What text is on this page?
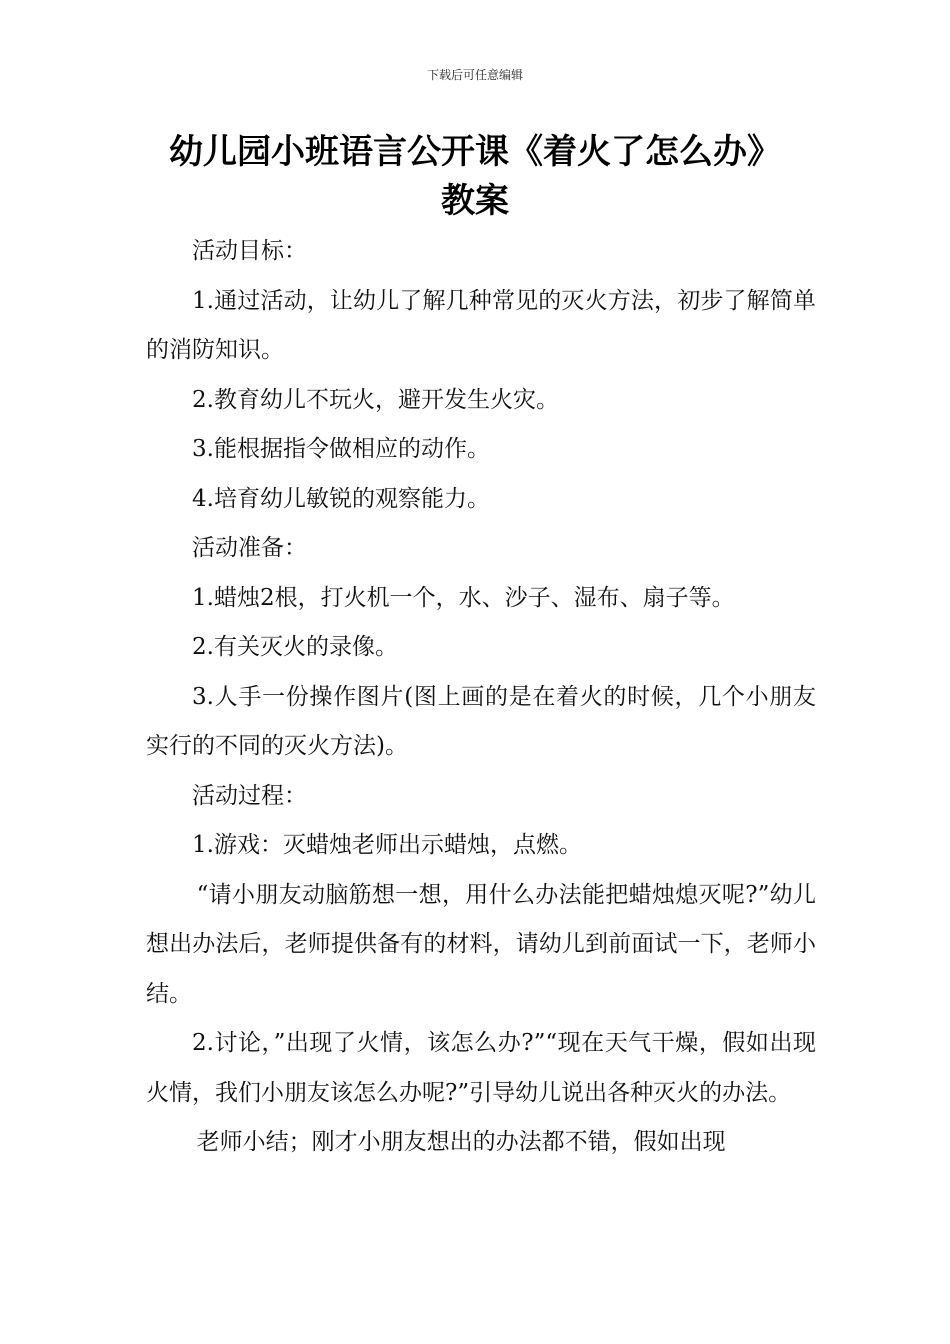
下载后可任意编辑
幼儿园小班语言公开课《着火了怎么办》
教案

活动目标：

1.通过活动，让幼儿了解几种常见的灭火方法，初步了解简单的消防知识。

2.教育幼儿不玩火，避开发生火灾。

3.能根据指令做相应的动作。

4.培育幼儿敏锐的观察能力。

活动准备：

1.蜡烛2根，打火机一个，水、沙子、湿布、扇子等。

2.有关灭火的录像。

3.人手一份操作图片(图上画的是在着火的时候，几个小朋友实行的不同的灭火方法)。

活动过程：

1.游戏：灭蜡烛老师出示蜡烛，点燃。

“请小朋友动脑筋想一想，用什么办法能把蜡烛熄灭呢?”幼儿想出办法后，老师提供备有的材料，请幼儿到前面试一下，老师小结。

2.讨论，”出现了火情，该怎么办?”“现在天气干燥，假如出现火情，我们小朋友该怎么办呢?”引导幼儿说出各种灭火的办法。

老师小结；刚才小朋友想出的办法都不错，假如出现
